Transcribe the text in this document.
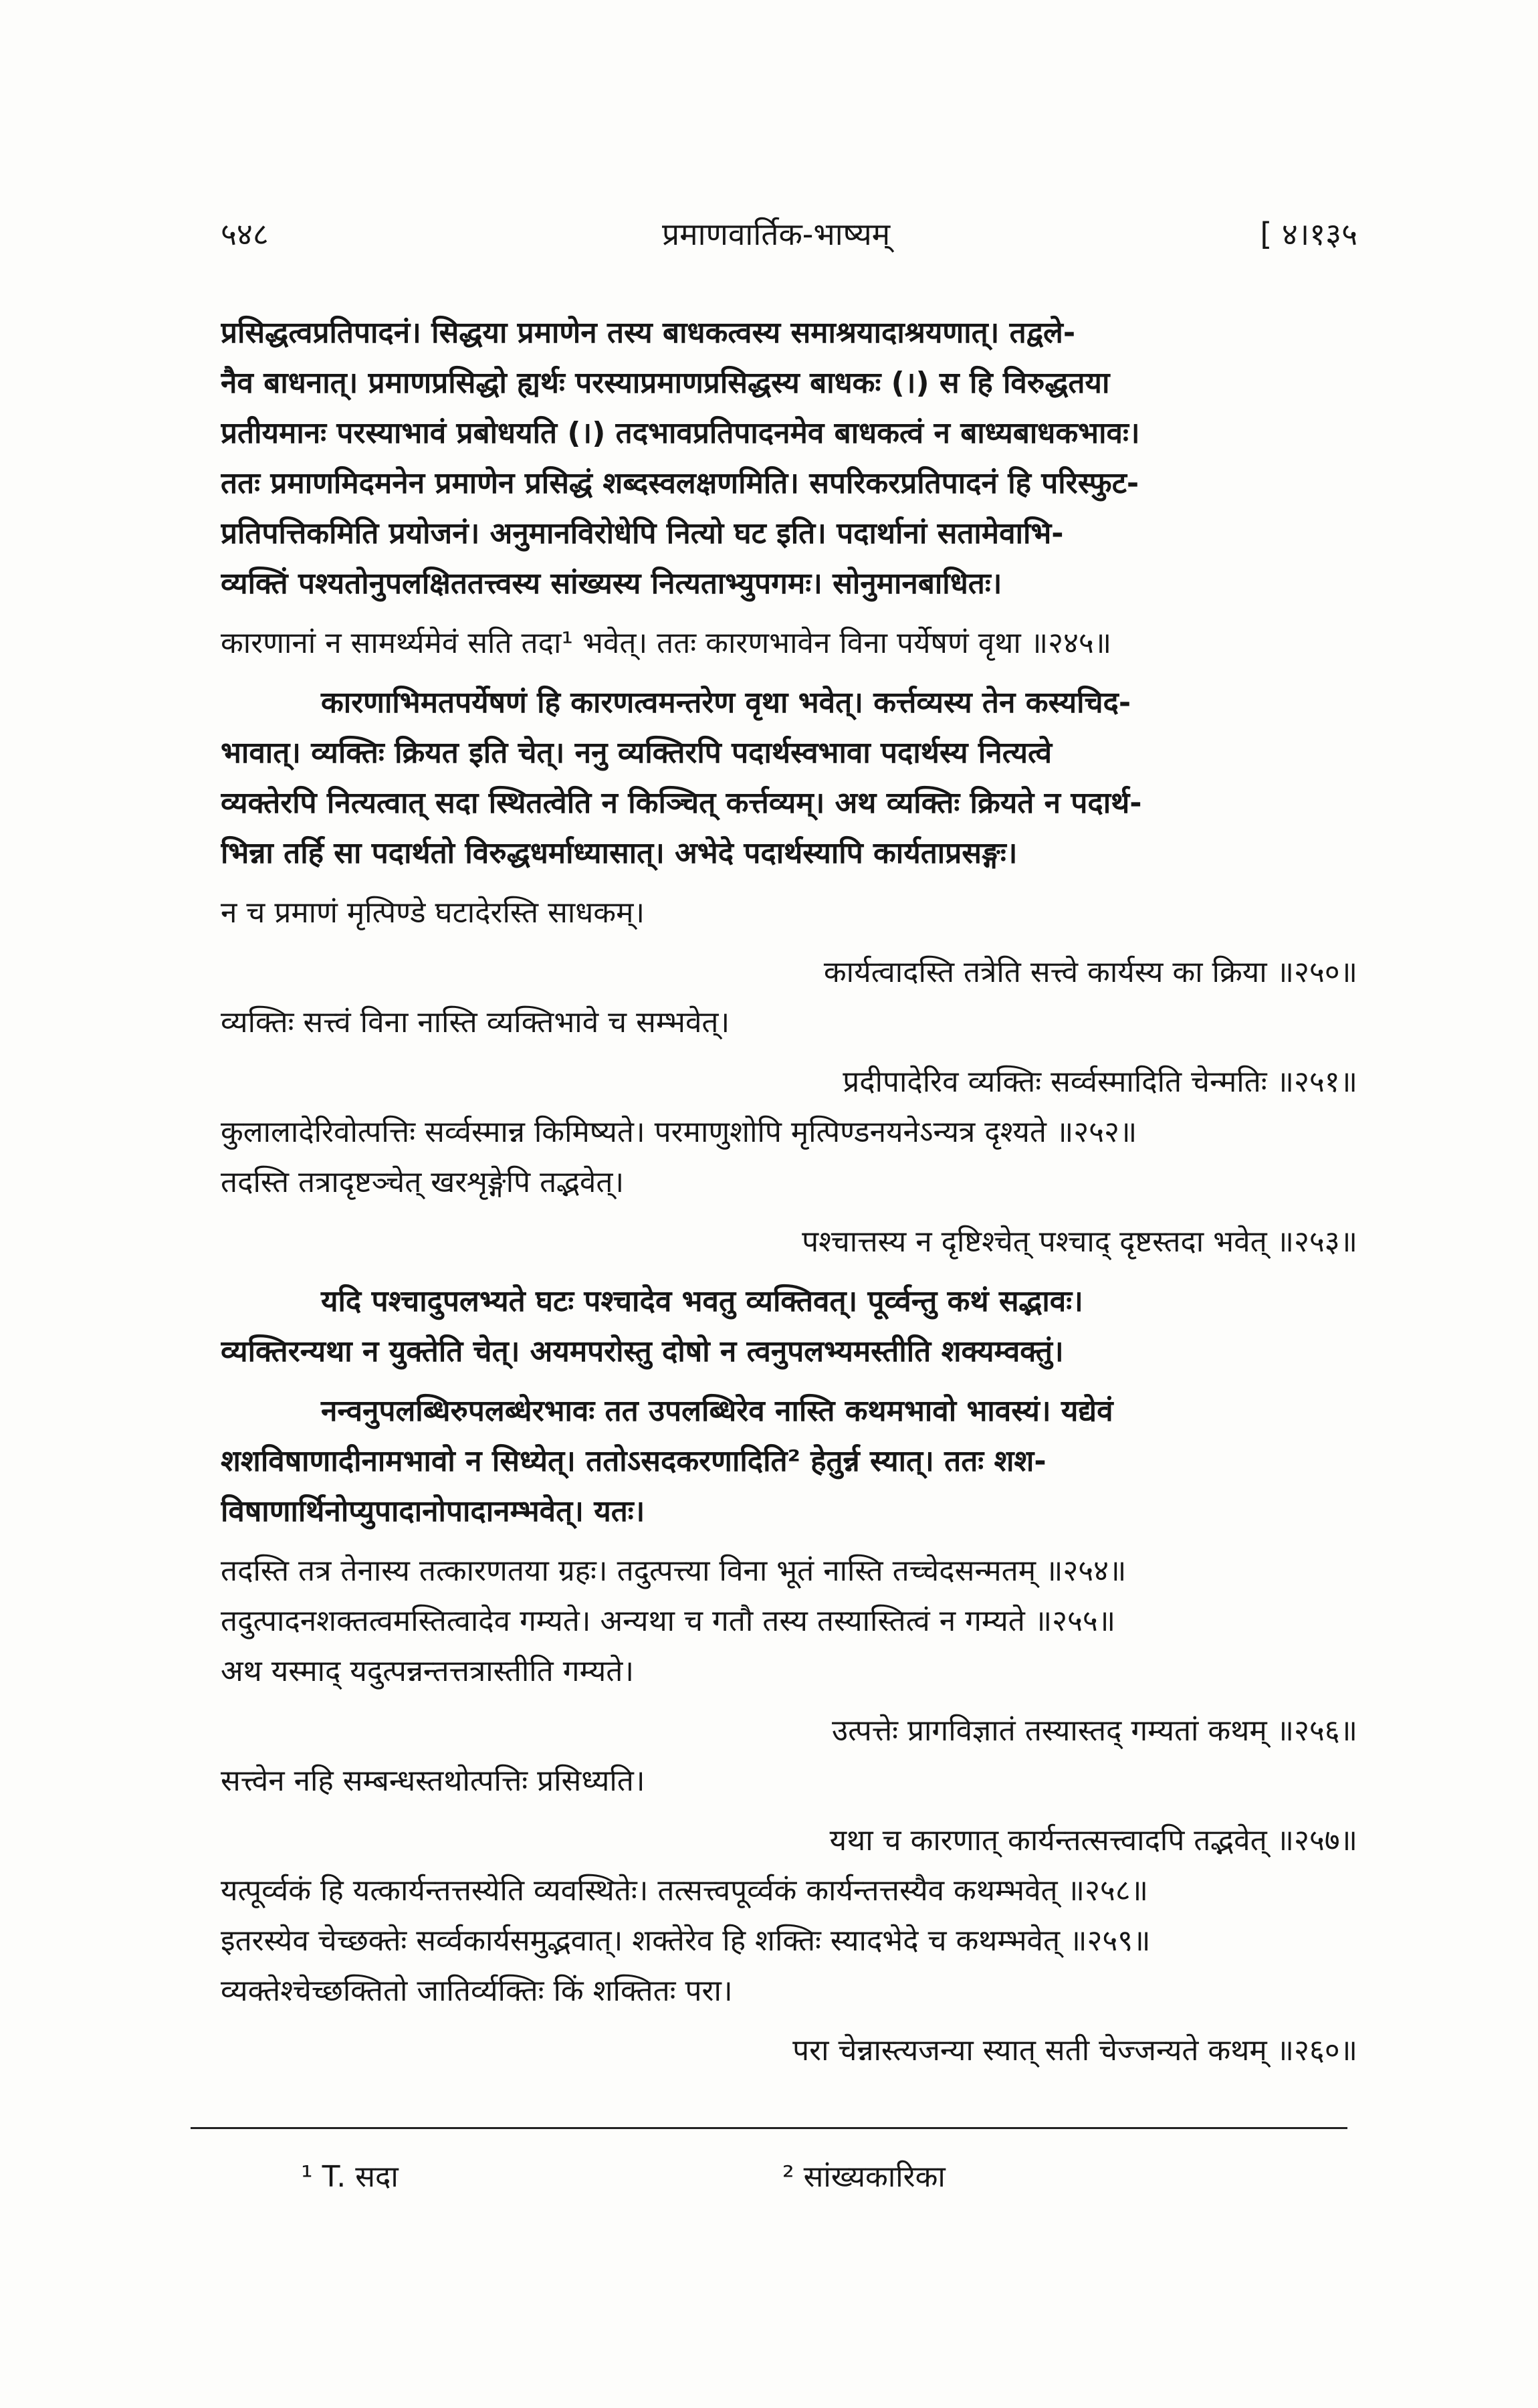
५४८	प्रमाणवार्तिक-भाष्यम्	[ ४।१३५
प्रसिद्धत्वप्रतिपादनं। सिद्धया प्रमाणेन तस्य बाधकत्वस्य समाश्रयादाश्रयणात्। तद्वले-
नैव बाधनात्। प्रमाणप्रसिद्धो ह्यर्थः परस्याप्रमाणप्रसिद्धस्य बाधकः (।) स हि विरुद्धतया
प्रतीयमानः परस्याभावं प्रबोधयति (।) तदभावप्रतिपादनमेव बाधकत्वं न बाध्यबाधकभावः।
ततः प्रमाणमिदमनेन प्रमाणेन प्रसिद्धं शब्दस्वलक्षणमिति। सपरिकरप्रतिपादनं हि परिस्फुट-
प्रतिपत्तिकमिति प्रयोजनं। अनुमानविरोधेपि नित्यो घट इति। पदार्थानां सतामेवाभि-
व्यक्तिं पश्यतोनुपलक्षिततत्त्वस्य सांख्यस्य नित्यताभ्युपगमः। सोनुमानबाधितः।
कारणानां न सामर्थ्यमेवं सति तदा¹ भवेत्। ततः कारणभावेन विना पर्येषणं वृथा ॥२४५॥
कारणाभिमतपर्येषणं हि कारणत्वमन्तरेण वृथा भवेत्। कर्त्तव्यस्य तेन कस्यचिद-
भावात्। व्यक्तिः क्रियत इति चेत्। ननु व्यक्तिरपि पदार्थस्वभावा पदार्थस्य नित्यत्वे
व्यक्तेरपि नित्यत्वात् सदा स्थितत्वेति न किञ्चित् कर्त्तव्यम्। अथ व्यक्तिः क्रियते न पदार्थ-
भिन्ना तर्हि सा पदार्थतो विरुद्धधर्माध्यासात्। अभेदे पदार्थस्यापि कार्यताप्रसङ्गः।
न च प्रमाणं मृत्पिण्डे घटादेरस्ति साधकम्।
कार्यत्वादस्ति तत्रेति सत्त्वे कार्यस्य का क्रिया ॥२५०॥
व्यक्तिः सत्त्वं विना नास्ति व्यक्तिभावे च सम्भवेत्।
प्रदीपादेरिव व्यक्तिः सर्व्वस्मादिति चेन्मतिः ॥२५१॥
कुलालादेरिवोत्पत्तिः सर्व्वस्मान्न किमिष्यते। परमाणुशोपि मृत्पिण्डनयनेऽन्यत्र दृश्यते ॥२५२॥
तदस्ति तत्रादृष्टञ्चेत् खरशृङ्गेपि तद्भवेत्।
पश्चात्तस्य न दृष्टिश्चेत् पश्चाद् दृष्टस्तदा भवेत् ॥२५३॥
यदि पश्चादुपलभ्यते घटः पश्चादेव भवतु व्यक्तिवत्। पूर्व्वन्तु कथं सद्भावः।
व्यक्तिरन्यथा न युक्तेति चेत्। अयमपरोस्तु दोषो न त्वनुपलभ्यमस्तीति शक्यम्वक्तुं।
नन्वनुपलब्धिरुपलब्धेरभावः तत उपलब्धिरेव नास्ति कथमभावो भावस्यं। यद्येवं
शशविषाणादीनामभावो न सिध्येत्। ततोऽसदकरणादिति² हेतुर्न्न स्यात्। ततः शश-
विषाणार्थिनोप्युपादानोपादानम्भवेत्। यतः।
तदस्ति तत्र तेनास्य तत्कारणतया ग्रहः। तदुत्पत्त्या विना भूतं नास्ति तच्चेदसन्मतम् ॥२५४॥
तदुत्पादनशक्तत्वमस्तित्वादेव गम्यते। अन्यथा च गतौ तस्य तस्यास्तित्वं न गम्यते ॥२५५॥
अथ यस्माद् यदुत्पन्नन्तत्तत्रास्तीति गम्यते।
उत्पत्तेः प्रागविज्ञातं तस्यास्तद् गम्यतां कथम् ॥२५६॥
सत्त्वेन नहि सम्बन्धस्तथोत्पत्तिः प्रसिध्यति।
यथा च कारणात् कार्यन्तत्सत्त्वादपि तद्भवेत् ॥२५७॥
यत्पूर्व्वकं हि यत्कार्यन्तत्तस्येति व्यवस्थितेः। तत्सत्त्वपूर्व्वकं कार्यन्तत्तस्यैव कथम्भवेत् ॥२५८॥
इतरस्येव चेच्छक्तेः सर्व्वकार्यसमुद्भवात्। शक्तेरेव हि शक्तिः स्यादभेदे च कथम्भवेत् ॥२५९॥
व्यक्तेश्चेच्छक्तितो जातिर्व्यक्तिः किं शक्तितः परा।
परा चेन्नास्त्यजन्या स्यात् सती चेज्जन्यते कथम् ॥२६०॥
¹ T. सदा	² सांख्यकारिका
